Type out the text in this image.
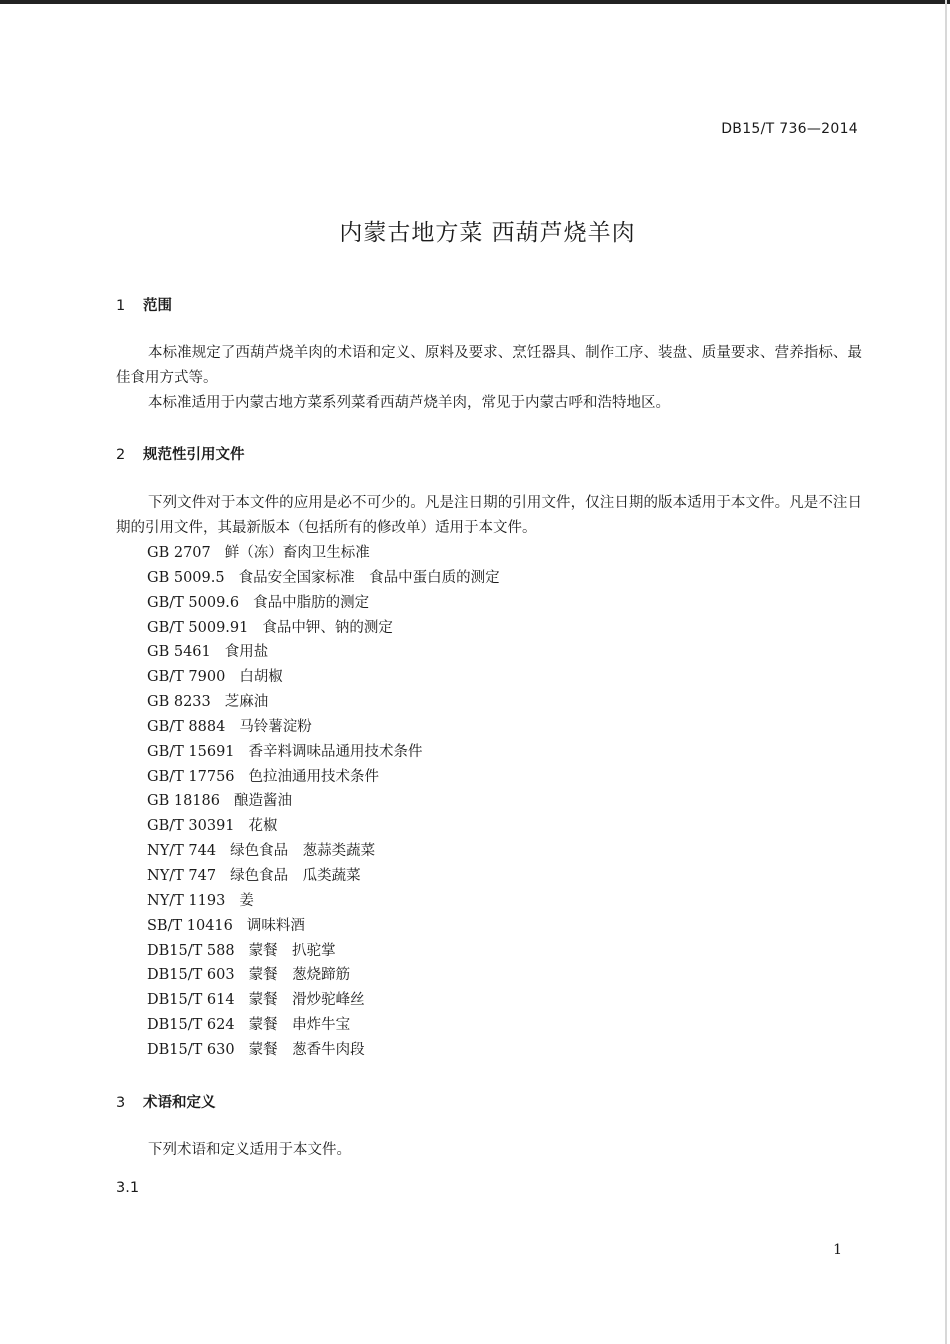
DB15/T 736—2014
内蒙古地方菜 西葫芦烧羊肉
1 范围

本标准规定了西葫芦烧羊肉的术语和定义、原料及要求、烹饪器具、制作工序、装盘、质量要求、营养指标、最佳食用方式等。

本标准适用于内蒙古地方菜系列菜肴西葫芦烧羊肉，常见于内蒙古呼和浩特地区。

2 规范性引用文件

下列文件对于本文件的应用是必不可少的。凡是注日期的引用文件，仅注日期的版本适用于本文件。凡是不注日期的引用文件，其最新版本（包括所有的修改单）适用于本文件。

GB 2707 鲜（冻）畜肉卫生标准
GB 5009.5 食品安全国家标准　食品中蛋白质的测定
GB/T 5009.6 食品中脂肪的测定
GB/T 5009.91 食品中钾、钠的测定
GB 5461 食用盐
GB/T 7900 白胡椒
GB 8233 芝麻油
GB/T 8884 马铃薯淀粉
GB/T 15691 香辛料调味品通用技术条件
GB/T 17756 色拉油通用技术条件
GB 18186 酿造酱油
GB/T 30391 花椒
NY/T 744 绿色食品　葱蒜类蔬菜
NY/T 747 绿色食品　瓜类蔬菜
NY/T 1193 姜
SB/T 10416 调味料酒
DB15/T 588 蒙餐　扒驼掌
DB15/T 603 蒙餐　葱烧蹄筋
DB15/T 614 蒙餐　滑炒驼峰丝
DB15/T 624 蒙餐　串炸牛宝
DB15/T 630 蒙餐　葱香牛肉段
3 术语和定义

下列术语和定义适用于本文件。

3.1
1
